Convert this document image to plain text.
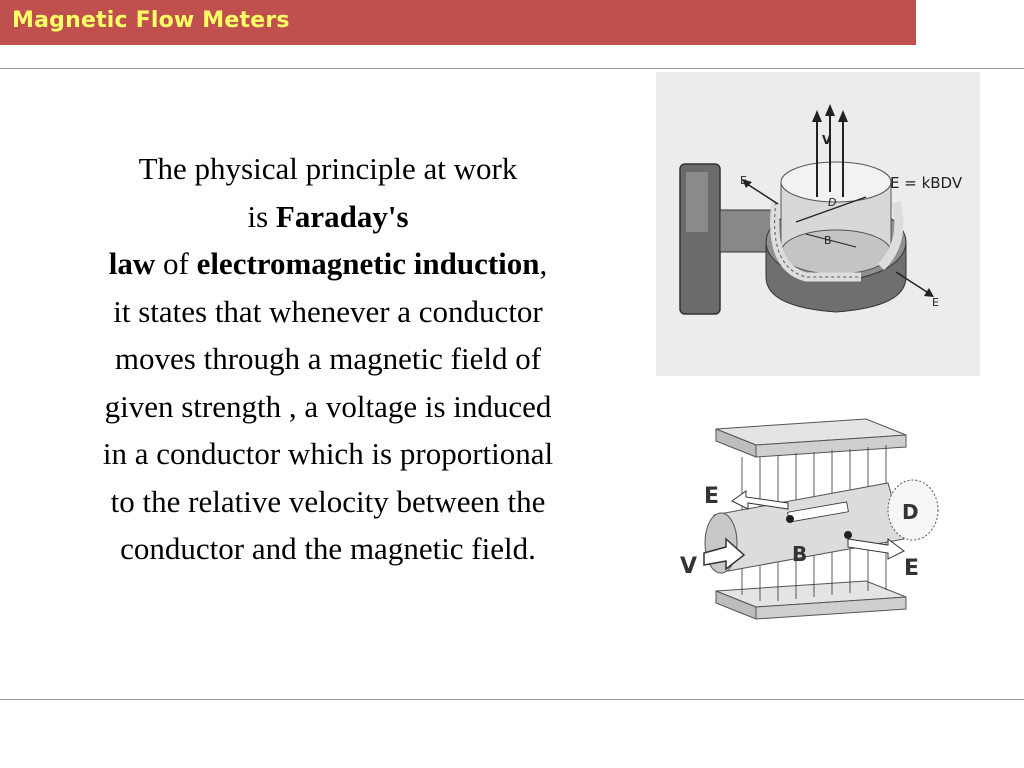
Magnetic Flow Meters
The physical principle at work
is Faraday's
law of electromagnetic induction,
it states that whenever a conductor
moves through a magnetic field of
given strength , a voltage is induced
in a conductor which is proportional
to the relative velocity between the
conductor and the magnetic field.
V
E
D
B
E
E = kBDV
E
D
V	B
E
